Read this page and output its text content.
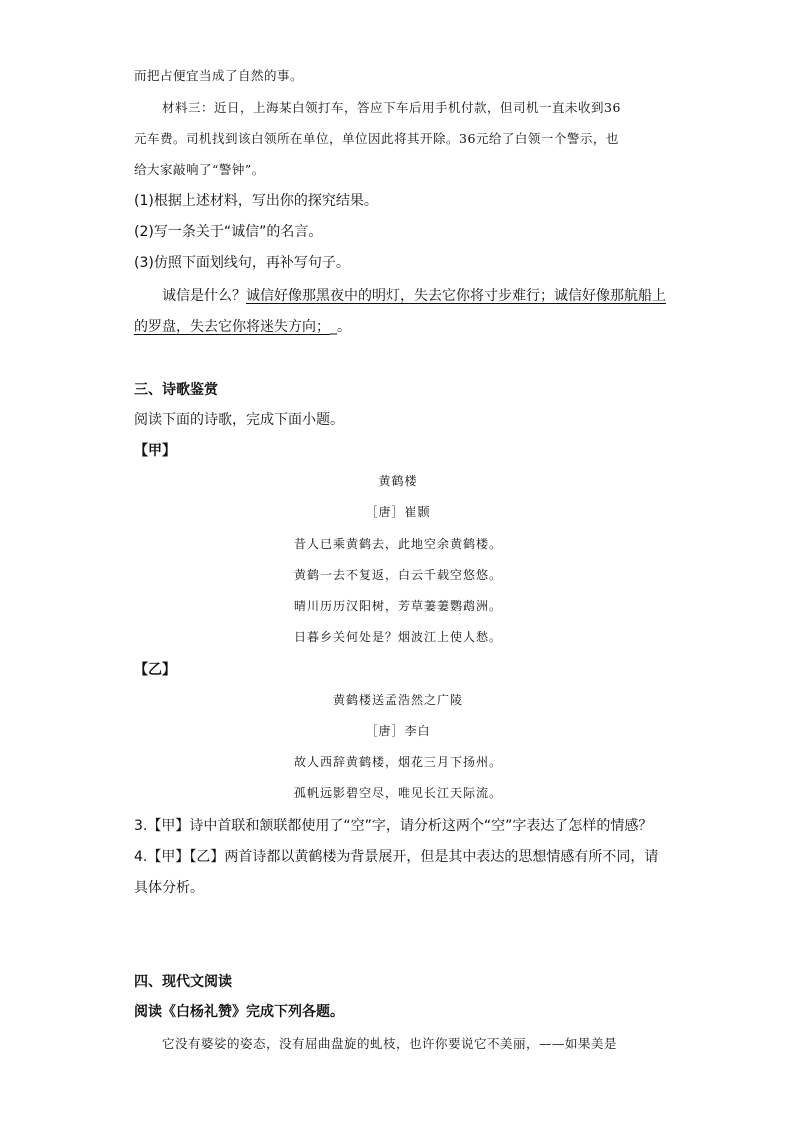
而把占便宜当成了自然的事。
材料三：近日，上海某白领打车，答应下车后用手机付款，但司机一直未收到36
元车费。司机找到该白领所在单位，单位因此将其开除。36元给了白领一个警示，也
给大家敲响了“警钟”。
(1)根据上述材料，写出你的探究结果。
(2)写一条关于“诚信”的名言。
(3)仿照下面划线句，再补写句子。
诚信是什么？诚信好像那黑夜中的明灯，失去它你将寸步难行；诚信好像那航船上
的罗盘，失去它你将迷失方向；_。
三、诗歌鉴赏
阅读下面的诗歌，完成下面小题。
【甲】
黄鹤楼
［唐］崔颢
昔人已乘黄鹤去，此地空余黄鹤楼。
黄鹤一去不复返，白云千载空悠悠。
晴川历历汉阳树，芳草萋萋鹦鹉洲。
日暮乡关何处是？烟波江上使人愁。
【乙】
黄鹤楼送孟浩然之广陵
［唐］李白
故人西辞黄鹤楼，烟花三月下扬州。
孤帆远影碧空尽，唯见长江天际流。
3.【甲】诗中首联和颔联都使用了“空”字，请分析这两个“空”字表达了怎样的情感？
4.【甲】【乙】两首诗都以黄鹤楼为背景展开，但是其中表达的思想情感有所不同，请
具体分析。
四、现代文阅读
阅读《白杨礼赞》完成下列各题。
它没有婆娑的姿态，没有屈曲盘旋的虬枝，也许你要说它不美丽，——如果美是
